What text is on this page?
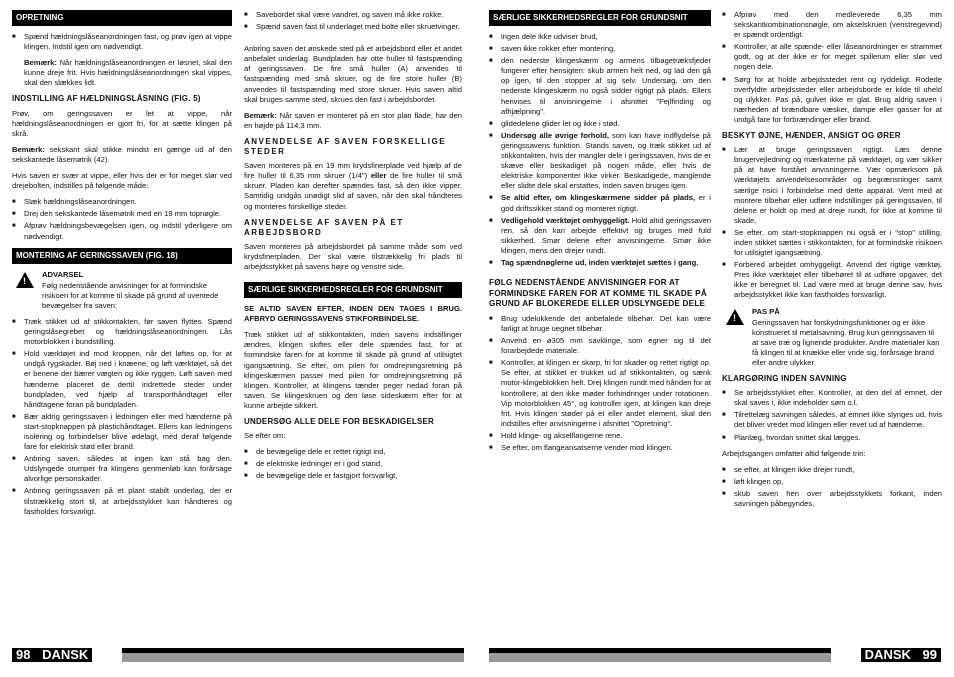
OPRETNING
■ Spænd hældningslåseanordningen fast, og prøv igen at vippe klingen. Indstil igen om nødvendigt.

Bemærk: Når hældningslåseanordningen er løsnet, skal den kunne dreje frit. Hvis hældningslåseanordningen skal vippes, skal den slækkes lidt.

INDSTILLING AF HÆLDNINGSLÅSNING (FIG. 5)

Prøv, om geringssaven er let at vippe, når hældningslåseanordningen er gjort fri, for at sætte klingen på skrå.

Bemærk: sekskant skal stikke mindst en gænge ud af den sekskantede låsemøtrik (42).

Hvis saven er svær at vippe, eller hvis der er for meget slør ved drejebolten, indstilles på følgende måde:

■ Slæk hældningslåseanordningen.
■ Drej den sekskantede låsemøtrik med en 19 mm topnøgle.
■ Afprøv hældningsbevægelsen igen, og indstil yderligere om nødvendigt.
MONTERING AF GERINGSSAVEN (FIG. 18)
!
ADVARSEL
Følg nedenstående anvisninger for at formindske risikoen for at komme til skade på grund af uventede bevægelser fra saven:
■ Træk stikket ud af stikkontakten, før saven flyttes. Spænd geringslåsegrebet og hældningslåseanordningen. Lås motorblokken i bundstilling.
■ Hold værktøjet ind mod kroppen, når det løftes op, for at undgå rygskader. Bøj ned i knæene, og løft værktøjet, så det er benene der bærer vægten og ikke ryggen. Løft saven med hænderne placeret de dertil indrettede steder under bundpladen, ved hjælp af transporthåndtaget eller håndtagene foran på bundpladen.
■ Bær aldrig geringssaven i ledningen eller med hænderne på start-stopknappen på plastichåndtaget. Ellers kan ledningens isolering og forbindelser blive ødelagt, med deraf følgende fare for elektrisk stød eller brand.
■ Anbring saven, således at ingen kan stå bag den. Udslyngede stumper fra klingens genmenløb kan forårsage alvorlige personskader.
■ Anbring geringssaven på et plant stabilt underlag, der er tilstrækkelig stort til, at arbejdsstykket kan håndteres og fastholdes forsvarligt.
■ Savebordet skal være vandret, og saven må ikke rokke.
■ Spænd saven fast til underlaget med bolte eller skruetvinger.

Anbring saven det ønskede sted på et arbejdsbord eller et andet anbefalet underlag. Bundpladen har otte huller til fastspænding af geringssaven. De fire små huller (A) anvendes til fastspænding med små skruer, og de fire store huller (B) anvendes til fastspænding med store skruer. Hvis saven altid skal bruges samme sted, skrues den fast i arbejdsbordet.

Bemærk: Når saven er monteret på en stor plan flade, har den en højde på 114,3 mm.

ANVENDELSE AF SAVEN FORSKELLIGE STEDER

Saven monteres på en 19 mm krydsfinerplade ved hjælp af de fire huller til 6,35 mm skruer (1/4") eller de fire huller til små skruer. Pladen kan derefter spændes fast, så den ikke vipper. Samtidig undgås unødigt slid af saven, når den skal håndteres og monteres forskellige steder.

ANVENDELSE AF SAVEN PÅ ET ARBEJDSBORD

Saven monteres på arbejdsbordet på samme måde som ved krydsfinerpladen. Der skal være tilstrækkelig fri plads til arbejdsstykket på savens højre og venstre side.

SÆRLIGE SIKKERHEDSREGLER FOR GRUNDSNIT

SE ALTID SAVEN EFTER, INDEN DEN TAGES I BRUG. AFBRYD GERINGSSAVENS STIKFORBINDELSE.

Træk stikket ud af stikkontakten, inden savens indstillinger ændres, klingen skiftes eller dele spændes fast, for at formindske faren for at komme til skade på grund af utilsigtet igangsætning. Se efter, om pilen for omdrejningsretning på klingeskærmen passer med pilen for omdrejningsretning på klingen. Kontroller, at klingens tænder peger nedad foran på saven. Se klingeskruen og den løse sideskærm efter for at kunne arbejde sikkert.

UNDERSØG ALLE DELE FOR BESKADIGELSER

Se efter om:

■ de bevægelige dele er rettet rigtigt ind,
■ de elektriske ledninger er i god stand,
■ de bevægelige dele er fastgjort forsvarligt,
SÆRLIGE SIKKERHEDSREGLER FOR GRUNDSNIT
■ ingen dele ikke udviser brud,
■ saven ikke rokker efter montering,
■ den nederste klingeskærm og armens tilbagetræksfjeder fungerer efter hensigten: skub armen helt ned, og lad den gå op igen, til den stopper af sig selv. Undersøg, om den nederste klingeskærm nu også sidder rigtigt på plads. Ellers henvises til anvisningerne i afsnittet "Fejlfinding og afhjælpning".
■ glidedelene glider let og ikke i stød.
■ Undersøg alle øvrige forhold, som kan have indflydelse på geringssavens funktion. Stands saven, og træk stikket ud af stikkontakten, hvis der mangler dele i geringssaven, hvis de er skæve eller beskadiget på nogen måde, eller hvis de elektriske komponenter ikke virker. Beskadigede, manglende eller slidte dele skal erstattes, inden saven bruges igen.
■ Se altid efter, om klingeskærmene sidder på plads, er i god driftssikker stand og monteret rigtigt.
■ Vedligehold værktøjet omhyggeligt. Hold altid geringssaven ren, så den kan arbejde effektivt og bruges med fuld sikkerhed. Smør delene efter anvisningerne. Smør ikke klingen, mens den drejer rundt.
■ Tag spændnøglerne ud, inden værktøjet sættes i gang.
FØLG NEDENSTÅENDE ANVISNINGER FOR AT FORMINDSKE FAREN FOR AT KOMME TIL SKADE PÅ GRUND AF BLOKEREDE ELLER UDSLYNGEDE DELE
■ Brug udelukkende det anbefalede tilbehør. Det kan være farligt at bruge uegnet tilbehør.
■ Anvend en ø305 mm savklinge, som egner sig til det forarbejdede materiale.
■ Kontroller, at klingen er skarp, fri for skader og rettet rigtigt op. Se efter, at stikket er trukket ud af stikkontakten, og sænk motor-klingeblokken helt. Drej klingen rundt med hånden for at kontrollere, at den ikke møder forhindringer under rotationen. Vip motorblokken 45°, og kontroller igen, at klingen kan dreje frit. Hvis klingen støder på et eller andet element, skal den indstilles efter anvisningerne i afsnittet "Opretning".
■ Hold klinge- og akselflangerne rene.
■ Se efter, om flangeansatserne vender mod klingen.
■ Afprøv med den medleverede 6,35 mm sekskantkombinationsnøgle, om akselskruen (venstregevind) er spændt ordentligt.
■ Kontroller, at alle spænde- eller låseanordninger er strammet godt, og at der ikke er for meget spillerum eller slør ved nogen dele.
■ Sørg for at holde arbejdsstedet rent og ryddeligt. Rodede overfyldte arbejdssteder eller arbejdsborde er kilde til uheld og ulykker. Pas på, gulvet ikke er glat. Brug aldrig saven i nærheden af brændbare væsker, dampe eller gasser for at undgå fare for forbrændinger eller brand.
BESKYT ØJNE, HÆNDER, ANSIGT OG ØRER
■ Lær at bruge geringssaven rigtigt. Læs denne brugervejledning og mærkaterne på værktøjet, og vær sikker på at have forstået anvisningerne. Vær opmærksom på værktøjets anvendelsesområder og begrænsninger samt særlige risici i forbindelse med dette apparat. Vent med at montere tilbehør eller udføre indstillinger på geringssaven, til delene er holdt op med at dreje rundt, for ikke at komme til skade.
■ Se efter, om start-stopknappen nu også er i "stop" stilling, inden stikket sættes i stikkontakten, for at formindske risikoen for utilsigtet igangsætning.
■ Forbered arbejdet omhyggeligt. Anvend det rigtige værktøj. Pres ikke værktøjet eller tilbehøret til at udføre opgaver, det ikke er beregnet til. Lad være med at bruge denne sav, hvis arbejdsstykket ikke kan fastholdes forsvarligt.
!
PAS PÅ
Geringssaven har forskydningsfunktioner og er ikke konstrueret til metalsavning. Brug kun geringssaven til at save træ og lignende produkter. Andre materialer kan få klingen til at knække eller vride sig, forårsage brand eller andre ulykker.
KLARGØRING INDEN SAVNING
■ Se arbejdsstykket efter. Kontroller, at den del af emnet, der skal saves i, ikke indeholder søm o.l.
■ Tilrettelæg savningen således, at emnet ikke slynges ud, hvis det bliver vredet mod klingen eller revet ud af hænderne.
■ Planlæg, hvordan snittet skal lægges.

Arbejdsgangen omfatter altid følgende trin:

■ se efter, at klingen ikke drejer rundt,
■ løft klingen op,
■ skub saven hen over arbejdsstykkets forkant, inden savningen påbegyndes,
98 DANSK	DANSK 99
